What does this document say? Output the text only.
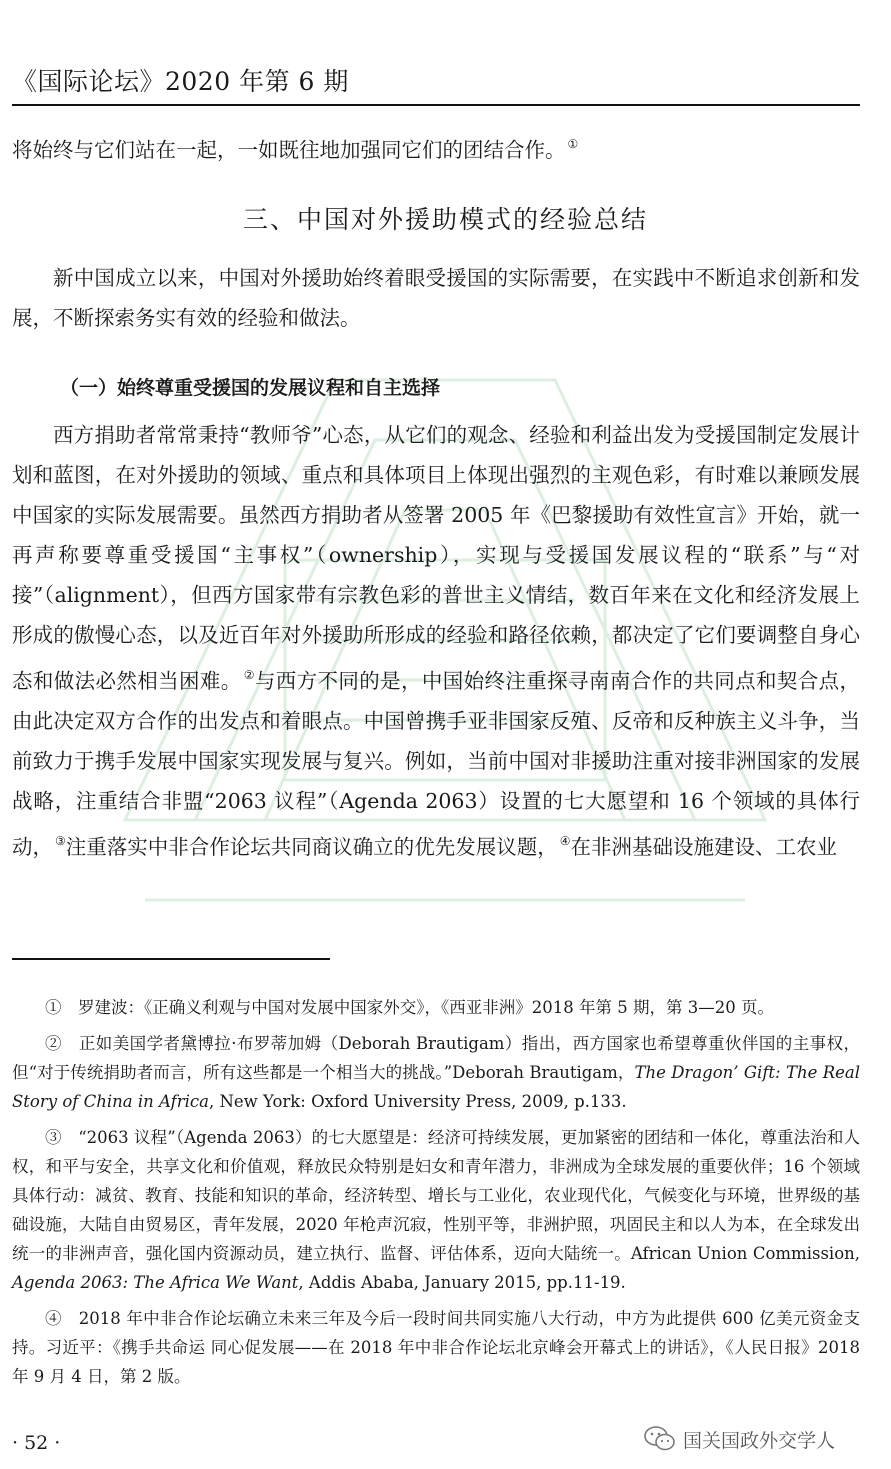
《国际论坛》2020 年第 6 期
将始终与它们站在一起，一如既往地加强同它们的团结合作。 ①
三、中国对外援助模式的经验总结
新中国成立以来，中国对外援助始终着眼受援国的实际需要，在实践中不断追求创新和发展，不断探索务实有效的经验和做法。
（一）始终尊重受援国的发展议程和自主选择
西方捐助者常常秉持“教师爷”心态，从它们的观念、经验和利益出发为受援国制定发展计划和蓝图，在对外援助的领域、重点和具体项目上体现出强烈的主观色彩，有时难以兼顾发展中国家的实际发展需要。虽然西方捐助者从签署 2005 年《巴黎援助有效性宣言》开始，就一再声称要尊重受援国“主事权”（ownership），实现与受援国发展议程的“联系”与“对接”（alignment），但西方国家带有宗教色彩的普世主义情结，数百年来在文化和经济发展上形成的傲慢心态，以及近百年对外援助所形成的经验和路径依赖，都决定了它们要调整自身心态和做法必然相当困难。 ②与西方不同的是，中国始终注重探寻南南合作的共同点和契合点，由此决定双方合作的出发点和着眼点。中国曾携手亚非国家反殖、反帝和反种族主义斗争，当前致力于携手发展中国家实现发展与复兴。例如，当前中国对非援助注重对接非洲国家的发展战略，注重结合非盟“2063 议程”（Agenda 2063）设置的七大愿望和 16 个领域的具体行动， ③注重落实中非合作论坛共同商议确立的优先发展议题， ④在非洲基础设施建设、工农业

①　罗建波：《正确义利观与中国对发展中国家外交》，《西亚非洲》2018 年第 5 期，第 3—20 页。

②　正如美国学者黛博拉·布罗蒂加姆（Deborah Brautigam）指出，西方国家也希望尊重伙伴国的主事权，但“对于传统捐助者而言，所有这些都是一个相当大的挑战。”Deborah Brautigam，The Dragon’ Gift: The Real Story of China in Africa, New York: Oxford University Press, 2009, p.133.

③　“2063 议程”（Agenda 2063）的七大愿望是：经济可持续发展，更加紧密的团结和一体化，尊重法治和人权，和平与安全，共享文化和价值观，释放民众特别是妇女和青年潜力，非洲成为全球发展的重要伙伴；16 个领域具体行动：减贫、教育、技能和知识的革命，经济转型、增长与工业化，农业现代化，气候变化与环境，世界级的基础设施，大陆自由贸易区，青年发展，2020 年枪声沉寂，性别平等，非洲护照，巩固民主和以人为本，在全球发出统一的非洲声音，强化国内资源动员，建立执行、监督、评估体系，迈向大陆统一。African Union Commission, Agenda 2063: The Africa We Want, Addis Ababa, January 2015, pp.11-19.

④　2018 年中非合作论坛确立未来三年及今后一段时间共同实施八大行动，中方为此提供 600 亿美元资金支持。习近平：《携手共命运 同心促发展——在 2018 年中非合作论坛北京峰会开幕式上的讲话》，《人民日报》2018 年 9 月 4 日，第 2 版。

· 52 ·	国关国政外交学人
